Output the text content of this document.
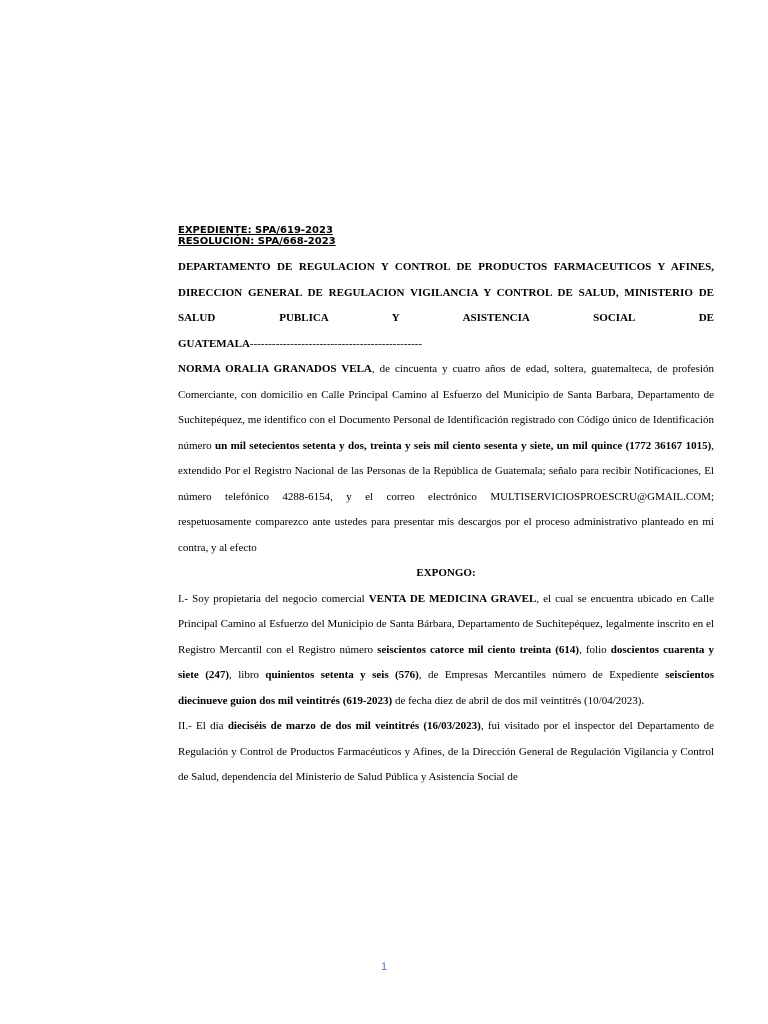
EXPEDIENTE: SPA/619-2023
RESOLUCIÓN: SPA/668-2023

DEPARTAMENTO DE REGULACION Y CONTROL DE PRODUCTOS FARMACEUTICOS Y AFINES, DIRECCION GENERAL DE REGULACION VIGILANCIA Y CONTROL DE SALUD, MINISTERIO DE SALUD PUBLICA Y ASISTENCIA SOCIAL DE

GUATEMALA-----------------------------------------------

NORMA ORALIA GRANADOS VELA, de cincuenta y cuatro años de edad, soltera, guatemalteca, de profesión Comerciante, con domicilio en Calle Principal Camino al Esfuerzo del Municipio de Santa Barbara, Departamento de Suchitepéquez, me identifico con el Documento Personal de Identificación registrado con Código único de Identificación número un mil setecientos setenta y dos, treinta y seis mil ciento sesenta y siete, un mil quince (1772 36167 1015), extendido Por el Registro Nacional de las Personas de la República de Guatemala; señalo para recibir Notificaciones, El número telefónico 4288-6154, y el correo electrónico MULTISERVICIOSPROESCRU@GMAIL.COM; respetuosamente comparezco ante ustedes para presentar mis descargos por el proceso administrativo planteado en mi contra, y al efecto

EXPONGO:

I.- Soy propietaria del negocio comercial VENTA DE MEDICINA GRAVEL, el cual se encuentra ubicado en Calle Principal Camino al Esfuerzo del Municipio de Santa Bárbara, Departamento de Suchitepéquez, legalmente inscrito en el Registro Mercantil con el Registro número seiscientos catorce mil ciento treinta (614), folio doscientos cuarenta y siete (247), libro quinientos setenta y seis (576), de Empresas Mercantiles número de Expediente seiscientos diecinueve guion dos mil veintitrés (619-2023) de fecha diez de abril de dos mil veintitrés (10/04/2023).

II.- El día dieciséis de marzo de dos mil veintitrés (16/03/2023), fui visitado por el inspector del Departamento de Regulación y Control de Productos Farmacéuticos y Afines, de la Dirección General de Regulación Vigilancia y Control de Salud, dependencia del Ministerio de Salud Pública y Asistencia Social de

1
